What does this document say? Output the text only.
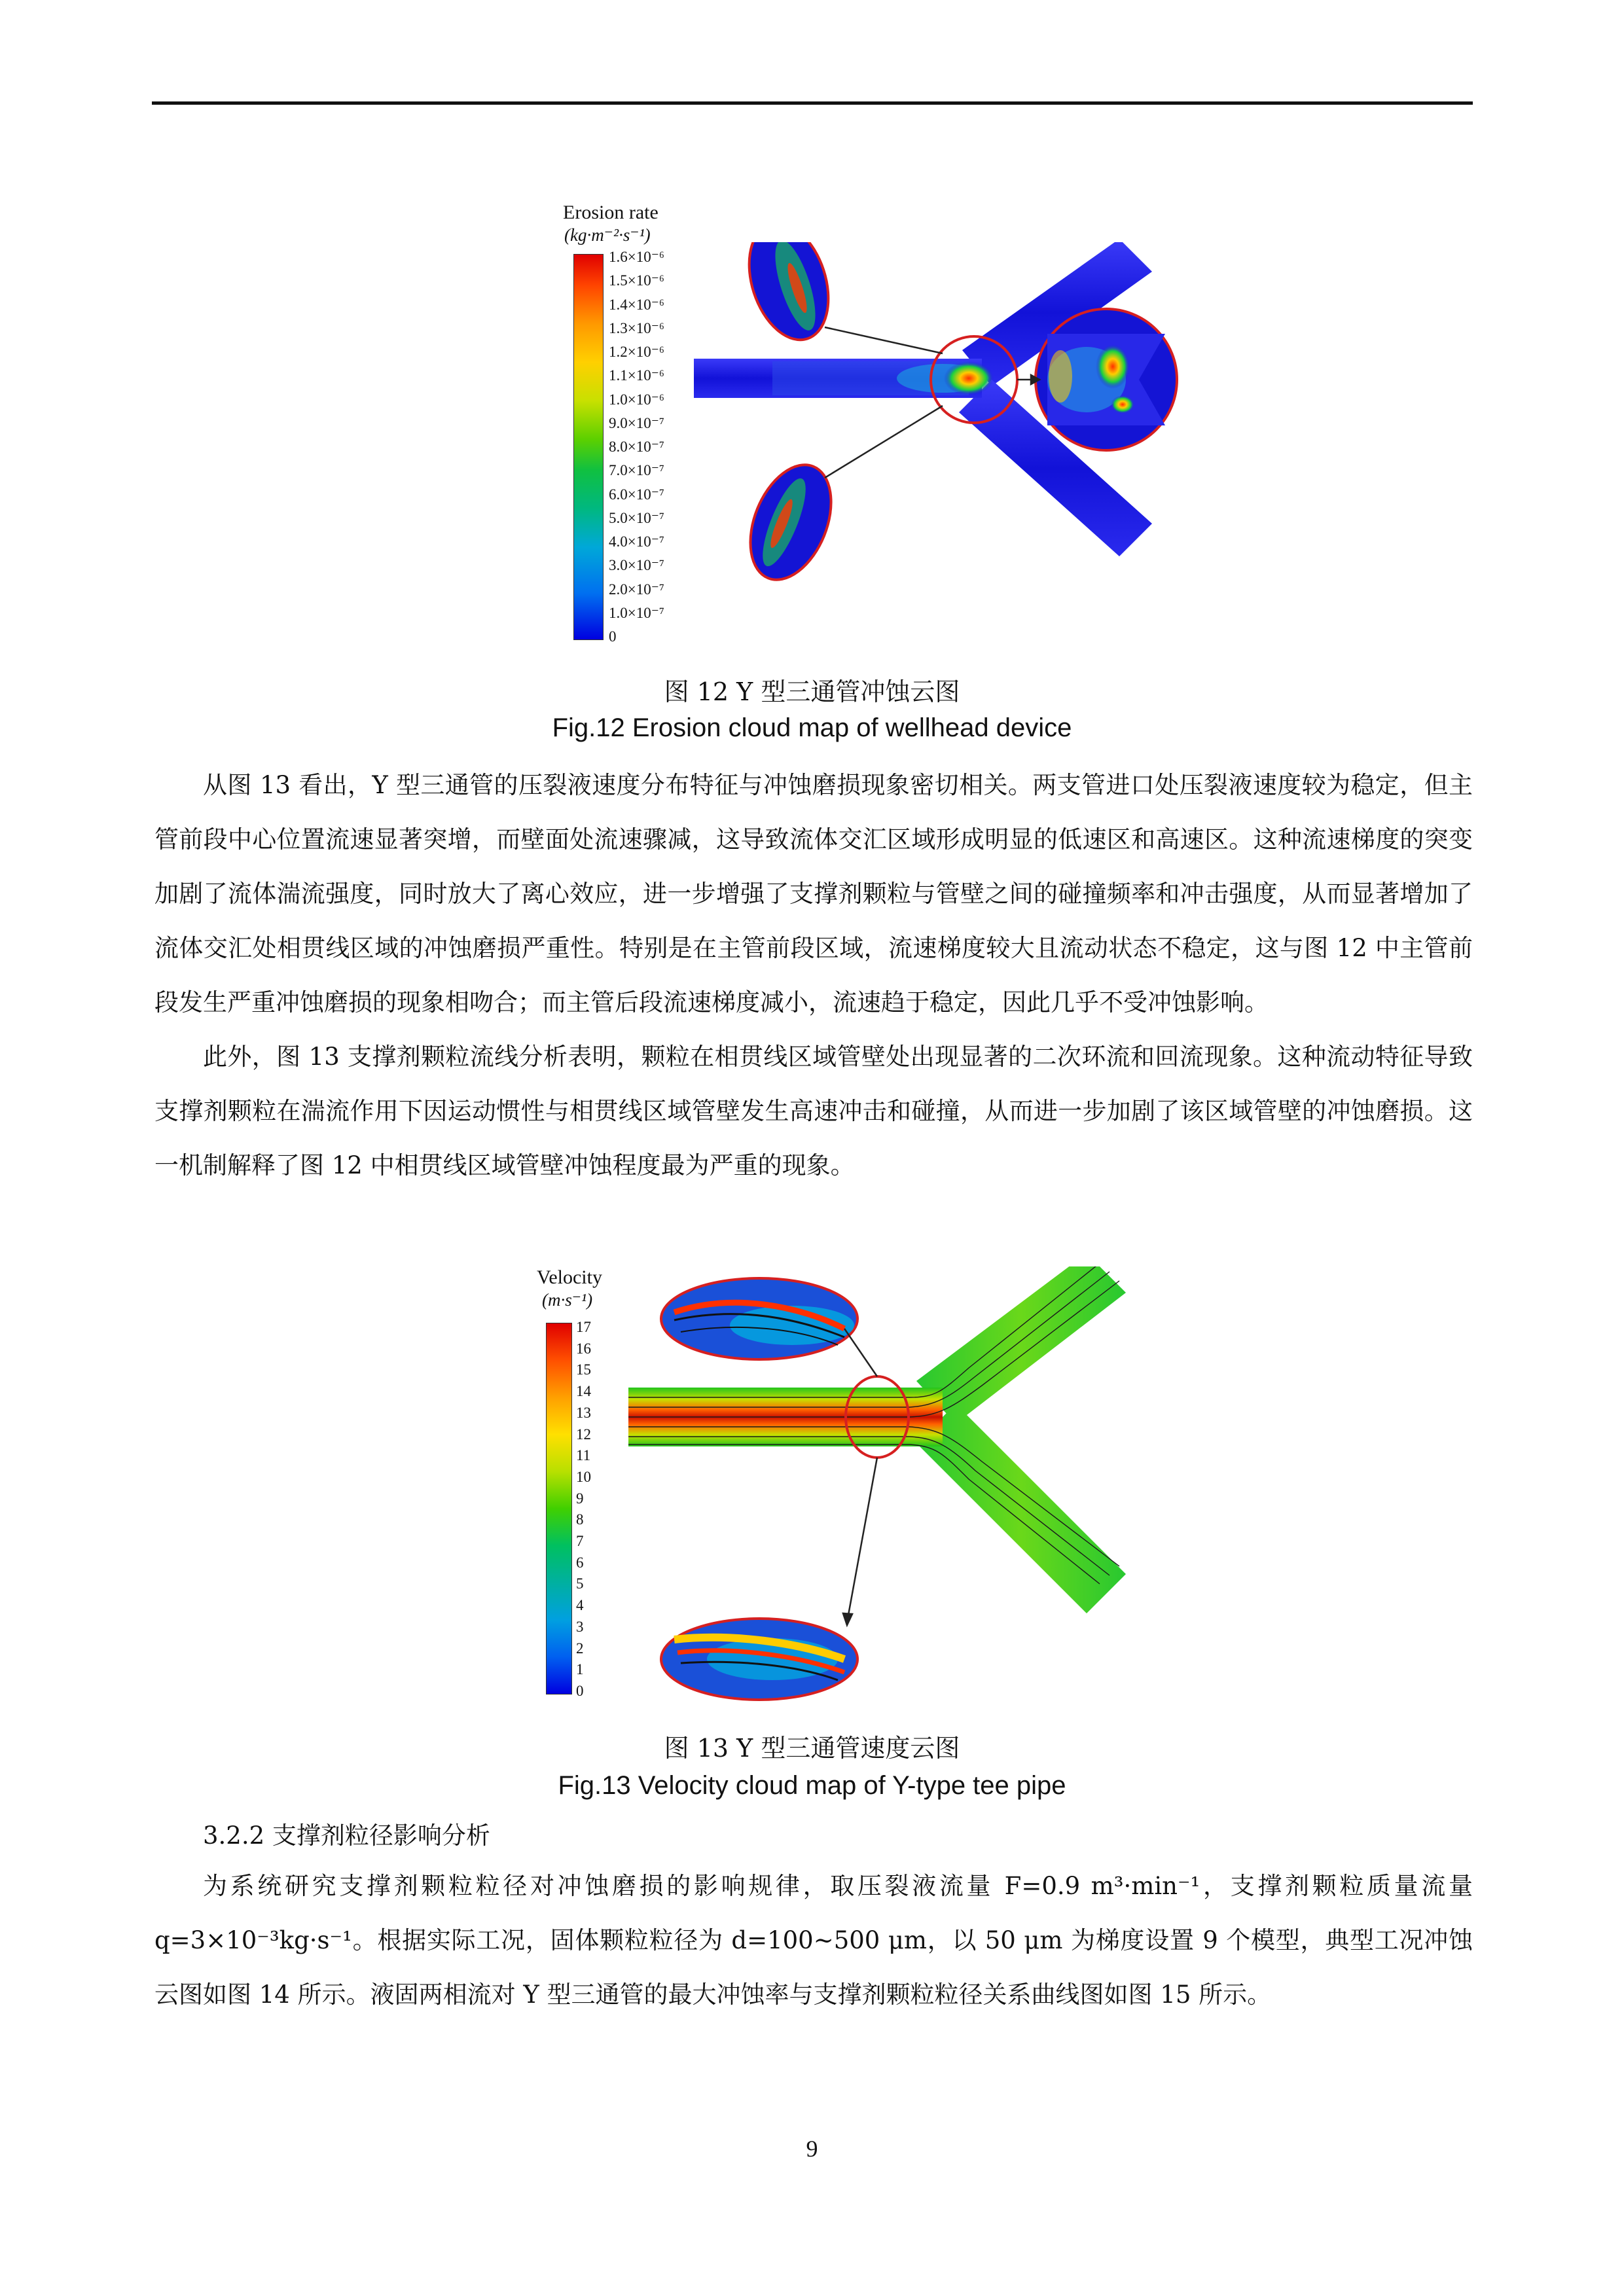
Erosion rate
(kg·m⁻²·s⁻¹)
1.6×10⁻⁶
1.5×10⁻⁶
1.4×10⁻⁶
1.3×10⁻⁶
1.2×10⁻⁶
1.1×10⁻⁶
1.0×10⁻⁶
9.0×10⁻⁷
8.0×10⁻⁷
7.0×10⁻⁷
6.0×10⁻⁷
5.0×10⁻⁷
4.0×10⁻⁷
3.0×10⁻⁷
2.0×10⁻⁷
1.0×10⁻⁷
0
图 12 Y 型三通管冲蚀云图
Fig.12 Erosion cloud map of wellhead device

从图 13 看出，Y 型三通管的压裂液速度分布特征与冲蚀磨损现象密切相关。两支管进口处压裂液速度较为稳定，但主管前段中心位置流速显著突增，而壁面处流速骤减，这导致流体交汇区域形成明显的低速区和高速区。这种流速梯度的突变加剧了流体湍流强度，同时放大了离心效应，进一步增强了支撑剂颗粒与管壁之间的碰撞频率和冲击强度，从而显著增加了流体交汇处相贯线区域的冲蚀磨损严重性。特别是在主管前段区域，流速梯度较大且流动状态不稳定，这与图 12 中主管前段发生严重冲蚀磨损的现象相吻合；而主管后段流速梯度减小，流速趋于稳定，因此几乎不受冲蚀影响。

此外，图 13 支撑剂颗粒流线分析表明，颗粒在相贯线区域管壁处出现显著的二次环流和回流现象。这种流动特征导致支撑剂颗粒在湍流作用下因运动惯性与相贯线区域管壁发生高速冲击和碰撞，从而进一步加剧了该区域管壁的冲蚀磨损。这一机制解释了图 12 中相贯线区域管壁冲蚀程度最为严重的现象。

Velocity
(m·s⁻¹)
17
16
15
14
13
12
11
10
9
8
7
6
5
4
3
2
1
0
图 13 Y 型三通管速度云图
Fig.13 Velocity cloud map of Y-type tee pipe
3.2.2 支撑剂粒径影响分析

为系统研究支撑剂颗粒粒径对冲蚀磨损的影响规律，取压裂液流量 F=0.9 m³·min⁻¹，支撑剂颗粒质量流量 q=3×10⁻³kg·s⁻¹。根据实际工况，固体颗粒粒径为 d=100~500 μm，以 50 μm 为梯度设置 9 个模型，典型工况冲蚀云图如图 14 所示。液固两相流对 Y 型三通管的最大冲蚀率与支撑剂颗粒粒径关系曲线图如图 15 所示。

9
